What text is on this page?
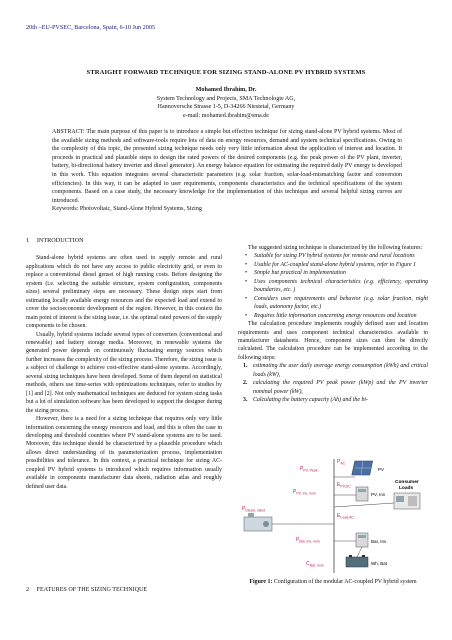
20th –EU-PVSEC, Barcelona, Spain, 6-10 Jun 2005
STRAIGHT FORWARD TECHNIQUE FOR SIZING STAND-ALONE PV HYBRID SYSTEMS
Mohamed Ibrahim, Dr.
System Technology and Projects, SMA Technologie AG,
Hannoversche Strasse 1-5, D-34266 Niestetal, Germany
e-mail: mohamed.ibrahim@sma.de
ABSTRACT: The main purpose of this paper is to introduce a simple but effective technique for sizing stand-alone PV hybrid systems. Most of the available sizing methods and software-tools require lots of data on energy resources, demand and system technical specifications. Owing to the complexity of this topic, the presented sizing technique needs only very little information about the application of interest and location. It proceeds in practical and plausible steps to design the rated powers of the desired components (e.g. the peak power of the PV plant, inverter, battery, bi-directional battery inverter and diesel generator). An energy balance equation for estimating the required daily PV energy is developed in this work. This equation integrates several characteristic parameters (e.g. solar fraction, solar-load-mismatching factor and conversion efficiencies). In this way, it can be adapted to user requirements, components characteristics and the technical specifications of the system components. Based on a case study, the necessary knowledge for the implementation of this technique and several helpful sizing curves are introduced.
Keywords: Photovoltaic, Stand-Alone Hybrid Systems, Sizing
1     INTRODUCTION

Stand-alone hybrid systems are often used to supply remote and rural applications which do not have any access to public electricity grid, or even to replace a conventional diesel genset of high running costs. Before designing the system (i.e. selecting the suitable structure, system configuration, components sizes) several preliminary steps are necessary. These design steps start from estimating locally available energy resources and the expected load and extend to cover the socioeconomic development of the region. However, in this context the main point of interest is the sizing issue, i.e. the optimal rated powers of the supply components to be chosen.

Usually, hybrid systems include several types of converters (conventional and renewable) and battery storage media. Moreover, in renewable systems the generated power depends on continuously fluctuating energy sources which further increases the complexity of the sizing process. Therefore, the sizing issue is a subject of challenge to achieve cost-effective stand-alone systems. Accordingly, several sizing techniques have been developed. Some of them depend on statistical methods, others use time-series with optimizations techniques, refer to studies by [1] and [2]. Not only mathematical techniques are deduced for system sizing tasks but a lot of simulation software has been developed to support the designer during the sizing process.

However, there is a need for a sizing technique that requires only very little information concerning the energy resources and load, and this is often the case in developing and threshold countries where PV stand-alone systems are to be used. Moreover, this technique should be characterized by a plausible procedure which allows direct understanding of its parameterization process, implementation possibilities and tolerance. In this context, a practical technique for sizing AC-coupled PV hybrid systems is introduced which requires information usually available in components manufacturer data sheets, radiation atlas and roughly defined user data.

The suggested sizing technique is characterized by the following features:

• Suitable for sizing PV hybrid systems for remote and rural locations
• Usable for AC-coupled stand-alone hybrid systems, refer to Figure 1
• Simple but practical in implementation
• Uses components technical characteristics (e.g. efficiency, operating boundaries, etc. )
• Considers user requirements and behavior (e.g. solar fraction, night loads, autonomy factor, etc.)
• Requires little information concerning energy resources and location

The calculation procedure implements roughly defined user and location requirements and uses component technical characteristics available in manufacturer datasheets. Hence, component sizes can then be directly calculated. The calculation procedure can be implemented according to the following steps:

1. estimating the user daily average energy consumption (kWh) and critical loads (kW),
2. calculating the required PV peak power (kWp) and the PV inverter nominal power (kW),
3. Calculating the battery capacity (Ah) and the bi-
$P_{AC}$
$P_{PV, Peak}$	PV
$E_{PV,DC}$
$P_{PV, Inv, nom}$	PV, Inv
Consumer
Loads
$P_{Diesel, rated}$
$E_{Load,AC}$
$P_{Bat, Inv, nom}$	Bat, Inv
$C_{Bat, nom}$	Wh, Bat
Figure 1: Configuration of the modular AC-coupled PV hybrid system
2     FEATURES OF THE SIZING TECHNIQUE
